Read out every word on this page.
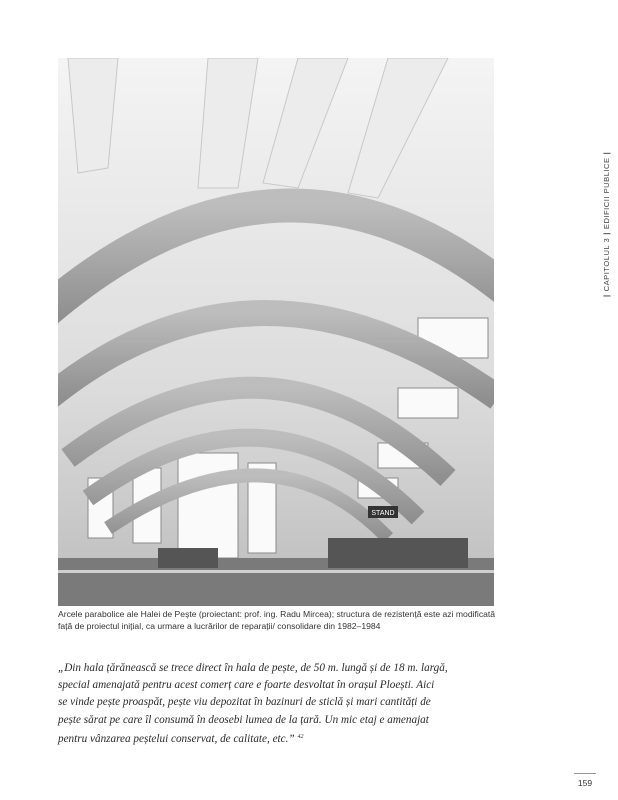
STAND
Arcele parabolice ale Halei de Pește (proiectant: prof. ing. Radu Mircea); structura de rezistență este azi modificată
față de proiectul inițial, ca urmare a lucrărilor de reparații/ consolidare din 1982–1984
„Din hala țărănească se trece direct în hala de pește, de 50 m. lungă și de 18 m. largă,
special amenajată pentru acest comerț care e foarte desvoltat în orașul Ploești. Aici
se vinde pește proaspăt, pește viu depozitat în bazinuri de sticlă și mari cantități de
pește sărat pe care îl consumă în deosebi lumea de la țară. Un mic etaj e amenajat
pentru vânzarea peștelui conservat, de calitate, etc.” $^{42}$
|CAPITOLUL 3|EDIFICII PUBLICE|
159
